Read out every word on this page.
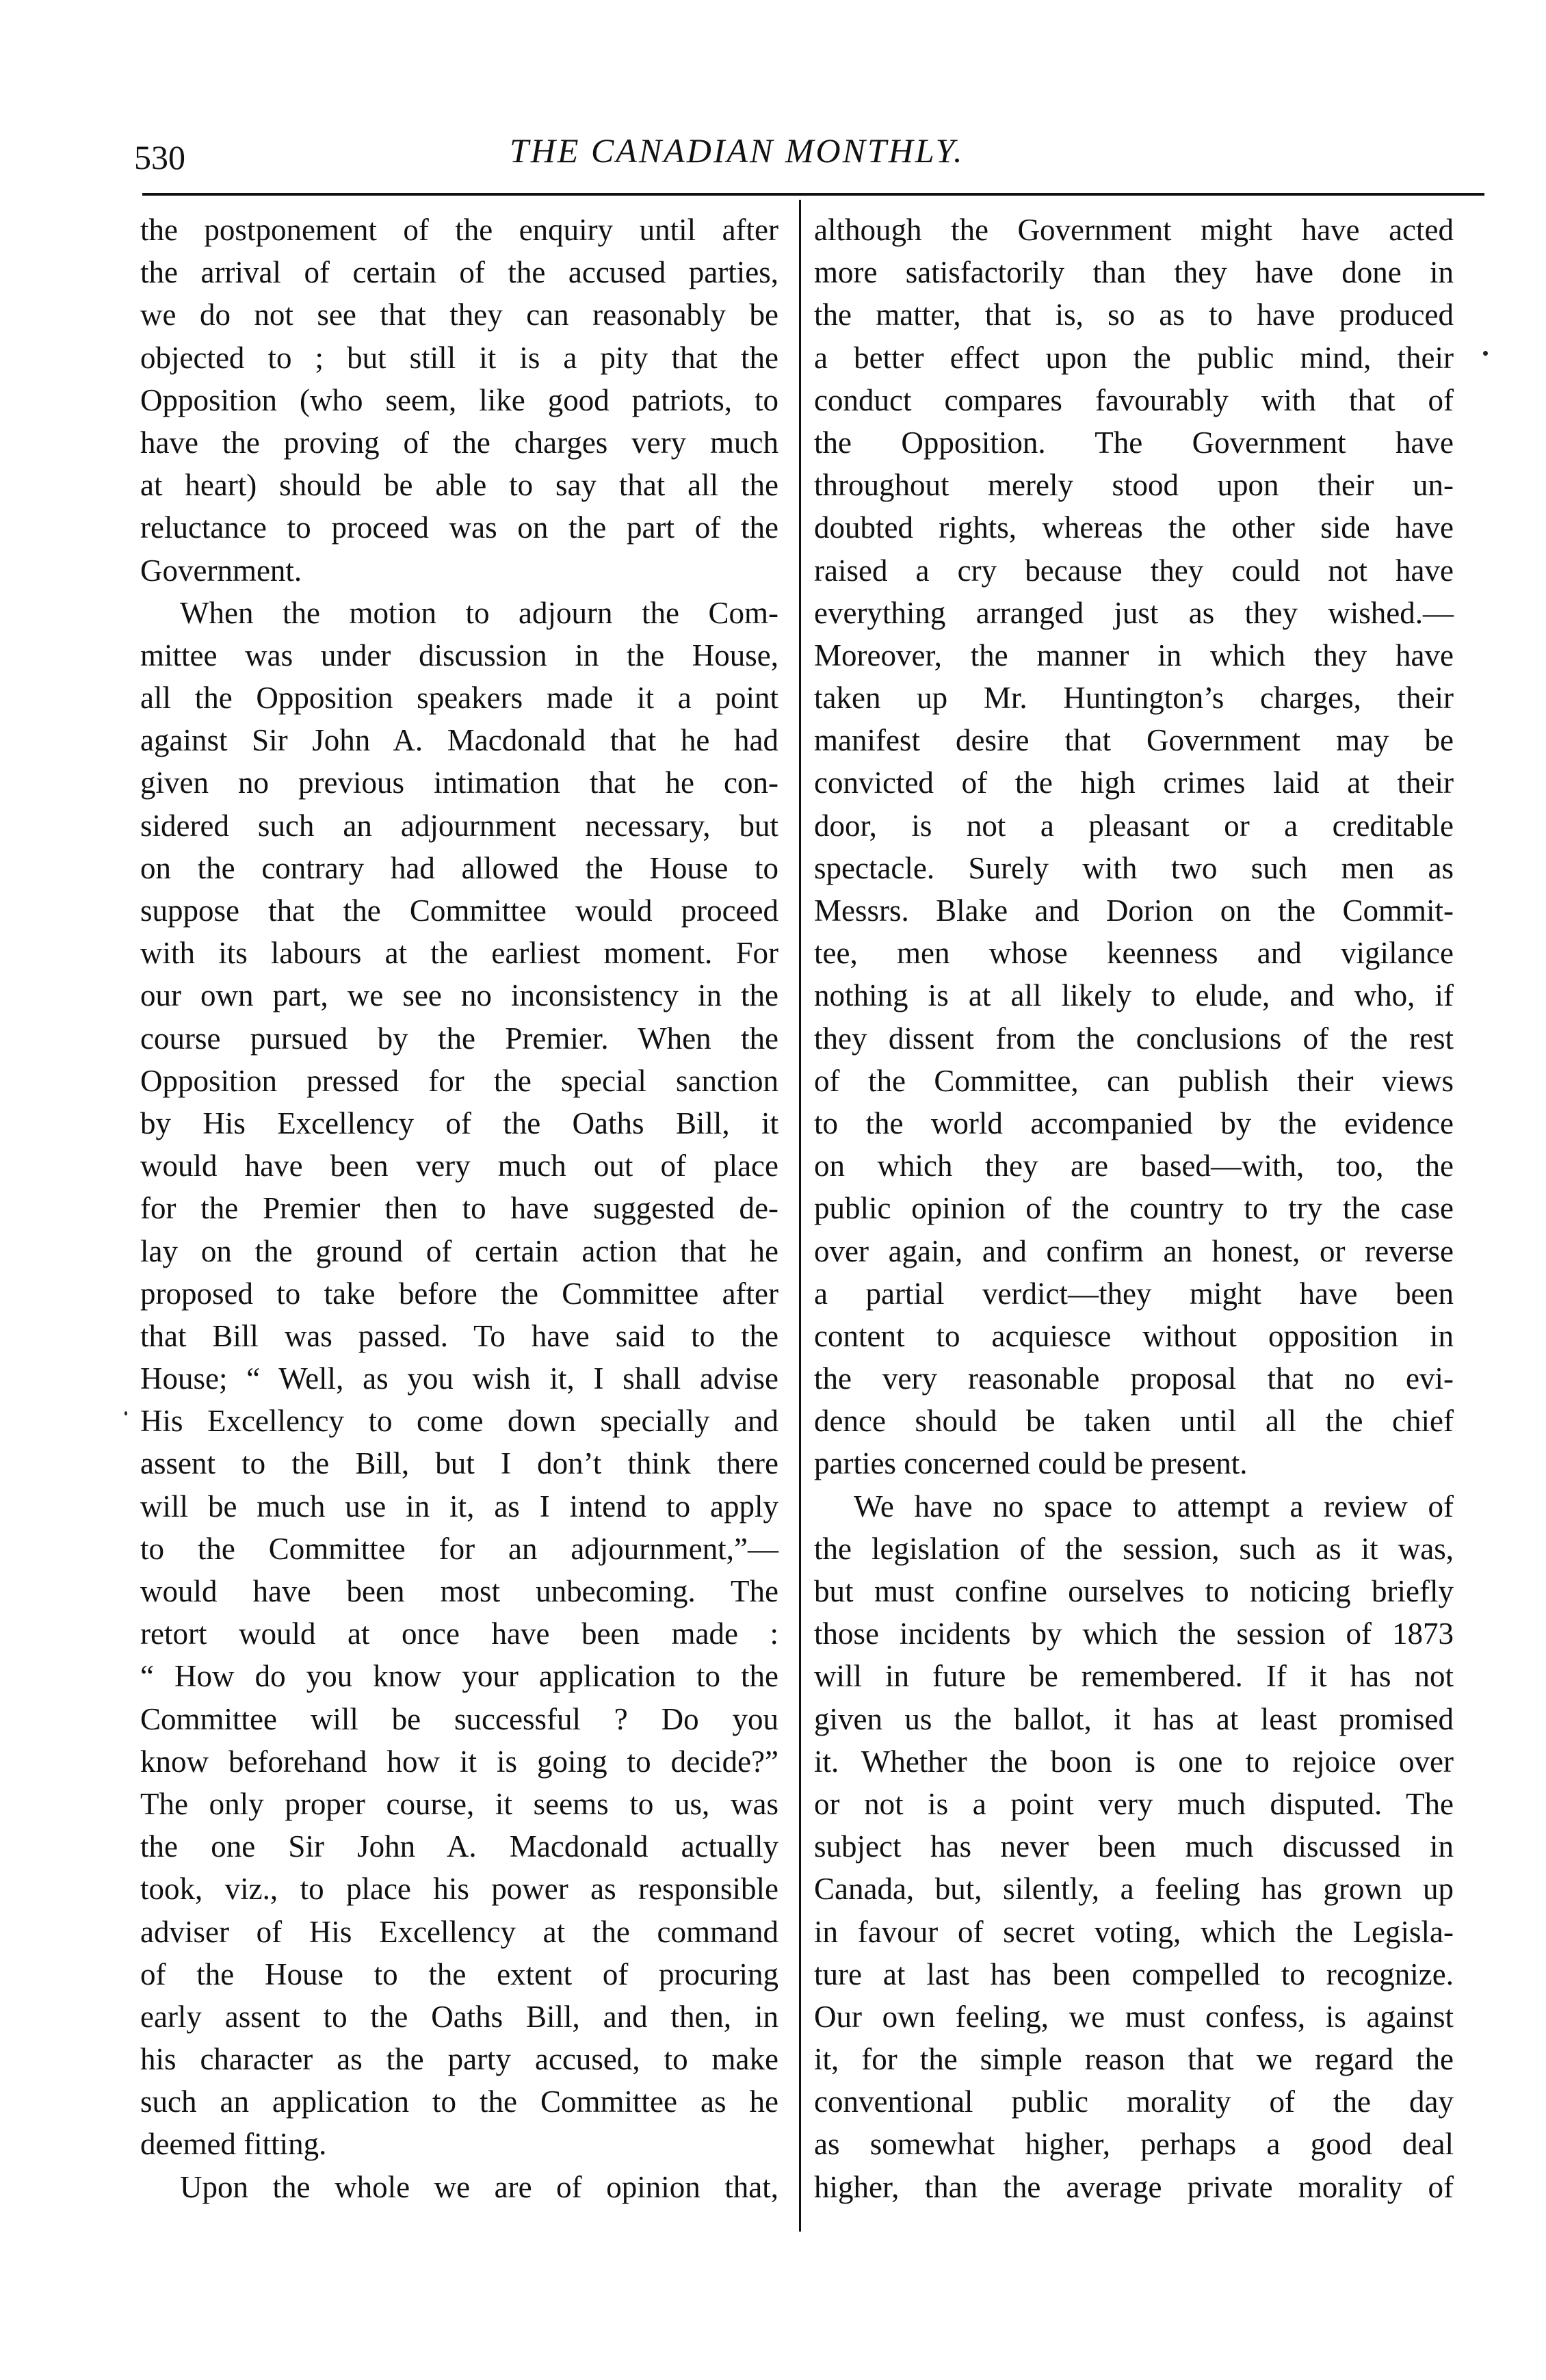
530	THE CANADIAN MONTHLY.
the postponement of the enquiry until after
the arrival of certain of the accused parties,
we do not see that they can reasonably be
objected to ; but still it is a pity that the
Opposition (who seem, like good patriots, to
have the proving of the charges very much
at heart) should be able to say that all the
reluctance to proceed was on the part of the
Government.
When the motion to adjourn the Com-
mittee was under discussion in the House,
all the Opposition speakers made it a point
against Sir John A. Macdonald that he had
given no previous intimation that he con-
sidered such an adjournment necessary, but
on the contrary had allowed the House to
suppose that the Committee would proceed
with its labours at the earliest moment. For
our own part, we see no inconsistency in the
course pursued by the Premier. When the
Opposition pressed for the special sanction
by His Excellency of the Oaths Bill, it
would have been very much out of place
for the Premier then to have suggested de-
lay on the ground of certain action that he
proposed to take before the Committee after
that Bill was passed. To have said to the
House; “ Well, as you wish it, I shall advise
His Excellency to come down specially and
assent to the Bill, but I don’t think there
will be much use in it, as I intend to apply
to the Committee for an adjournment,”—
would have been most unbecoming. The
retort would at once have been made :
“ How do you know your application to the
Committee will be successful ? Do you
know beforehand how it is going to decide?”
The only proper course, it seems to us, was
the one Sir John A. Macdonald actually
took, viz., to place his power as responsible
adviser of His Excellency at the command
of the House to the extent of procuring
early assent to the Oaths Bill, and then, in
his character as the party accused, to make
such an application to the Committee as he
deemed fitting.
Upon the whole we are of opinion that,
although the Government might have acted
more satisfactorily than they have done in
the matter, that is, so as to have produced
a better effect upon the public mind, their
conduct compares favourably with that of
the Opposition. The Government have
throughout merely stood upon their un-
doubted rights, whereas the other side have
raised a cry because they could not have
everything arranged just as they wished.—
Moreover, the manner in which they have
taken up Mr. Huntington’s charges, their
manifest desire that Government may be
convicted of the high crimes laid at their
door, is not a pleasant or a creditable
spectacle. Surely with two such men as
Messrs. Blake and Dorion on the Commit-
tee, men whose keenness and vigilance
nothing is at all likely to elude, and who, if
they dissent from the conclusions of the rest
of the Committee, can publish their views
to the world accompanied by the evidence
on which they are based—with, too, the
public opinion of the country to try the case
over again, and confirm an honest, or reverse
a partial verdict—they might have been
content to acquiesce without opposition in
the very reasonable proposal that no evi-
dence should be taken until all the chief
parties concerned could be present.
We have no space to attempt a review of
the legislation of the session, such as it was,
but must confine ourselves to noticing briefly
those incidents by which the session of 1873
will in future be remembered. If it has not
given us the ballot, it has at least promised
it. Whether the boon is one to rejoice over
or not is a point very much disputed. The
subject has never been much discussed in
Canada, but, silently, a feeling has grown up
in favour of secret voting, which the Legisla-
ture at last has been compelled to recognize.
Our own feeling, we must confess, is against
it, for the simple reason that we regard the
conventional public morality of the day
as somewhat higher, perhaps a good deal
higher, than the average private morality of
